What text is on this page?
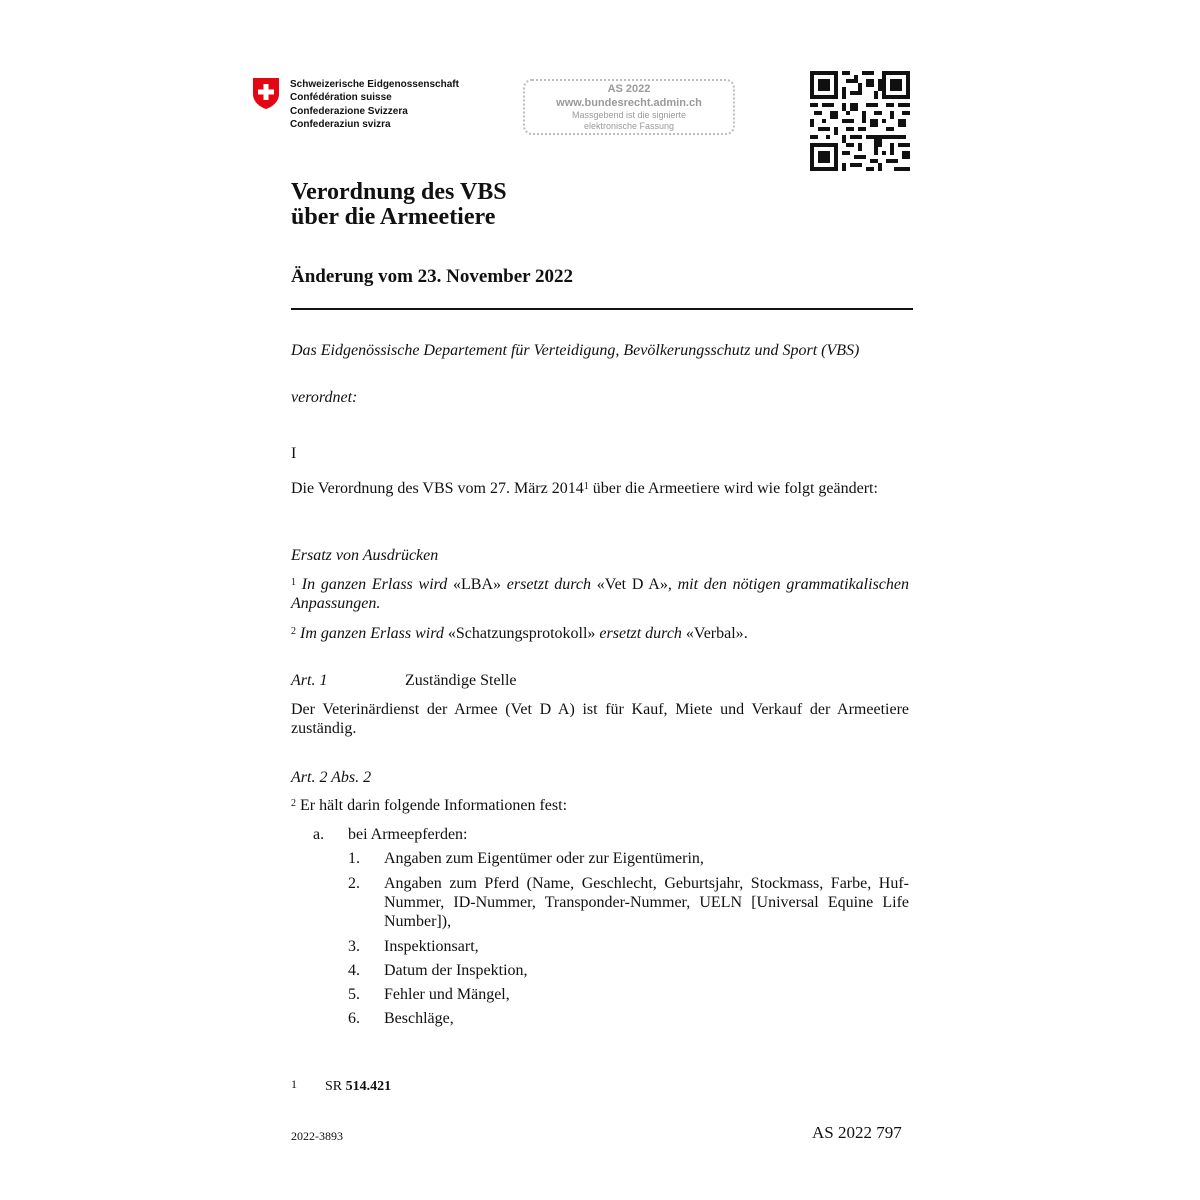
Schweizerische Eidgenossenschaft
Confédération suisse
Confederazione Svizzera
Confederaziun svizra
AS 2022
www.bundesrecht.admin.ch
Massgebend ist die signierte
elektronische Fassung
Verordnung des VBS
über die Armeetiere
Änderung vom 23. November 2022
Das Eidgenössische Departement für Verteidigung, Bevölkerungsschutz und Sport (VBS)
verordnet:
I
Die Verordnung des VBS vom 27. März 2014$^1$ über die Armeetiere wird wie folgt geändert:
Ersatz von Ausdrücken
$^1$ In ganzen Erlass wird «LBA» ersetzt durch «Vet D A», mit den nötigen grammatikalischen Anpassungen.
$^2$ Im ganzen Erlass wird «Schatzungsprotokoll» ersetzt durch «Verbal».
Art. 1	Zuständige Stelle
Der Veterinärdienst der Armee (Vet D A) ist für Kauf, Miete und Verkauf der Armeetiere zuständig.
Art. 2 Abs. 2
$^2$ Er hält darin folgende Informationen fest:
a. bei Armeepferden:
1. Angaben zum Eigentümer oder zur Eigentümerin,
2. Angaben zum Pferd (Name, Geschlecht, Geburtsjahr, Stockmass, Farbe, Huf-Nummer, ID-Nummer, Transponder-Nummer, UELN [Universal Equine Life Number]),
3. Inspektionsart,
4. Datum der Inspektion,
5. Fehler und Mängel,
6. Beschläge,
1 SR 514.421
2022-3893	AS 2022 797
